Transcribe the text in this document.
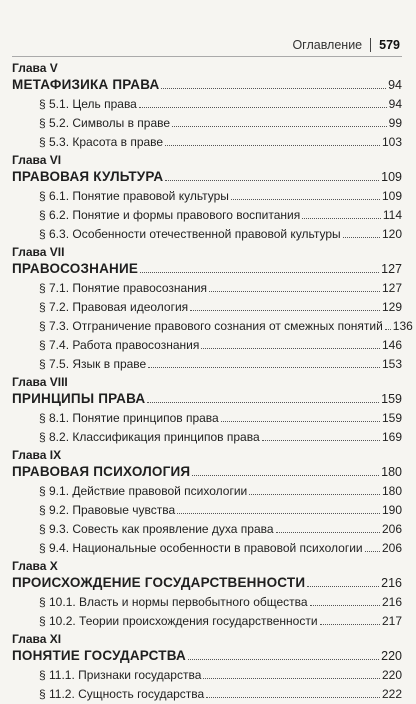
Оглавление 579
Глава V
МЕТАФИЗИКА ПРАВА	94
§ 5.1. Цель права	94
§ 5.2. Символы в праве	99
§ 5.3. Красота в праве	103
Глава VI
ПРАВОВАЯ КУЛЬТУРА	109
§ 6.1. Понятие правовой культуры	109
§ 6.2. Понятие и формы правового воспитания	114
§ 6.3. Особенности отечественной правовой культуры	120
Глава VII
ПРАВОСОЗНАНИЕ	127
§ 7.1. Понятие правосознания	127
§ 7.2. Правовая идеология	129
§ 7.3. Отграничение правового сознания от смежных понятий 136
§ 7.4. Работа правосознания	146
§ 7.5. Язык в праве	153
Глава VIII
ПРИНЦИПЫ ПРАВА	159
§ 8.1. Понятие принципов права	159
§ 8.2. Классификация принципов права	169
Глава IX
ПРАВОВАЯ ПСИХОЛОГИЯ	180
§ 9.1. Действие правовой психологии	180
§ 9.2. Правовые чувства	190
§ 9.3. Совесть как проявление духа права	206
§ 9.4. Национальные особенности в правовой психологии 206
Глава X
ПРОИСХОЖДЕНИЕ ГОСУДАРСТВЕННОСТИ	216
§ 10.1. Власть и нормы первобытного общества	216
§ 10.2. Теории происхождения государственности	217
Глава XI
ПОНЯТИЕ ГОСУДАРСТВА	220
§ 11.1. Признаки государства	220
§ 11.2. Сущность государства	222
